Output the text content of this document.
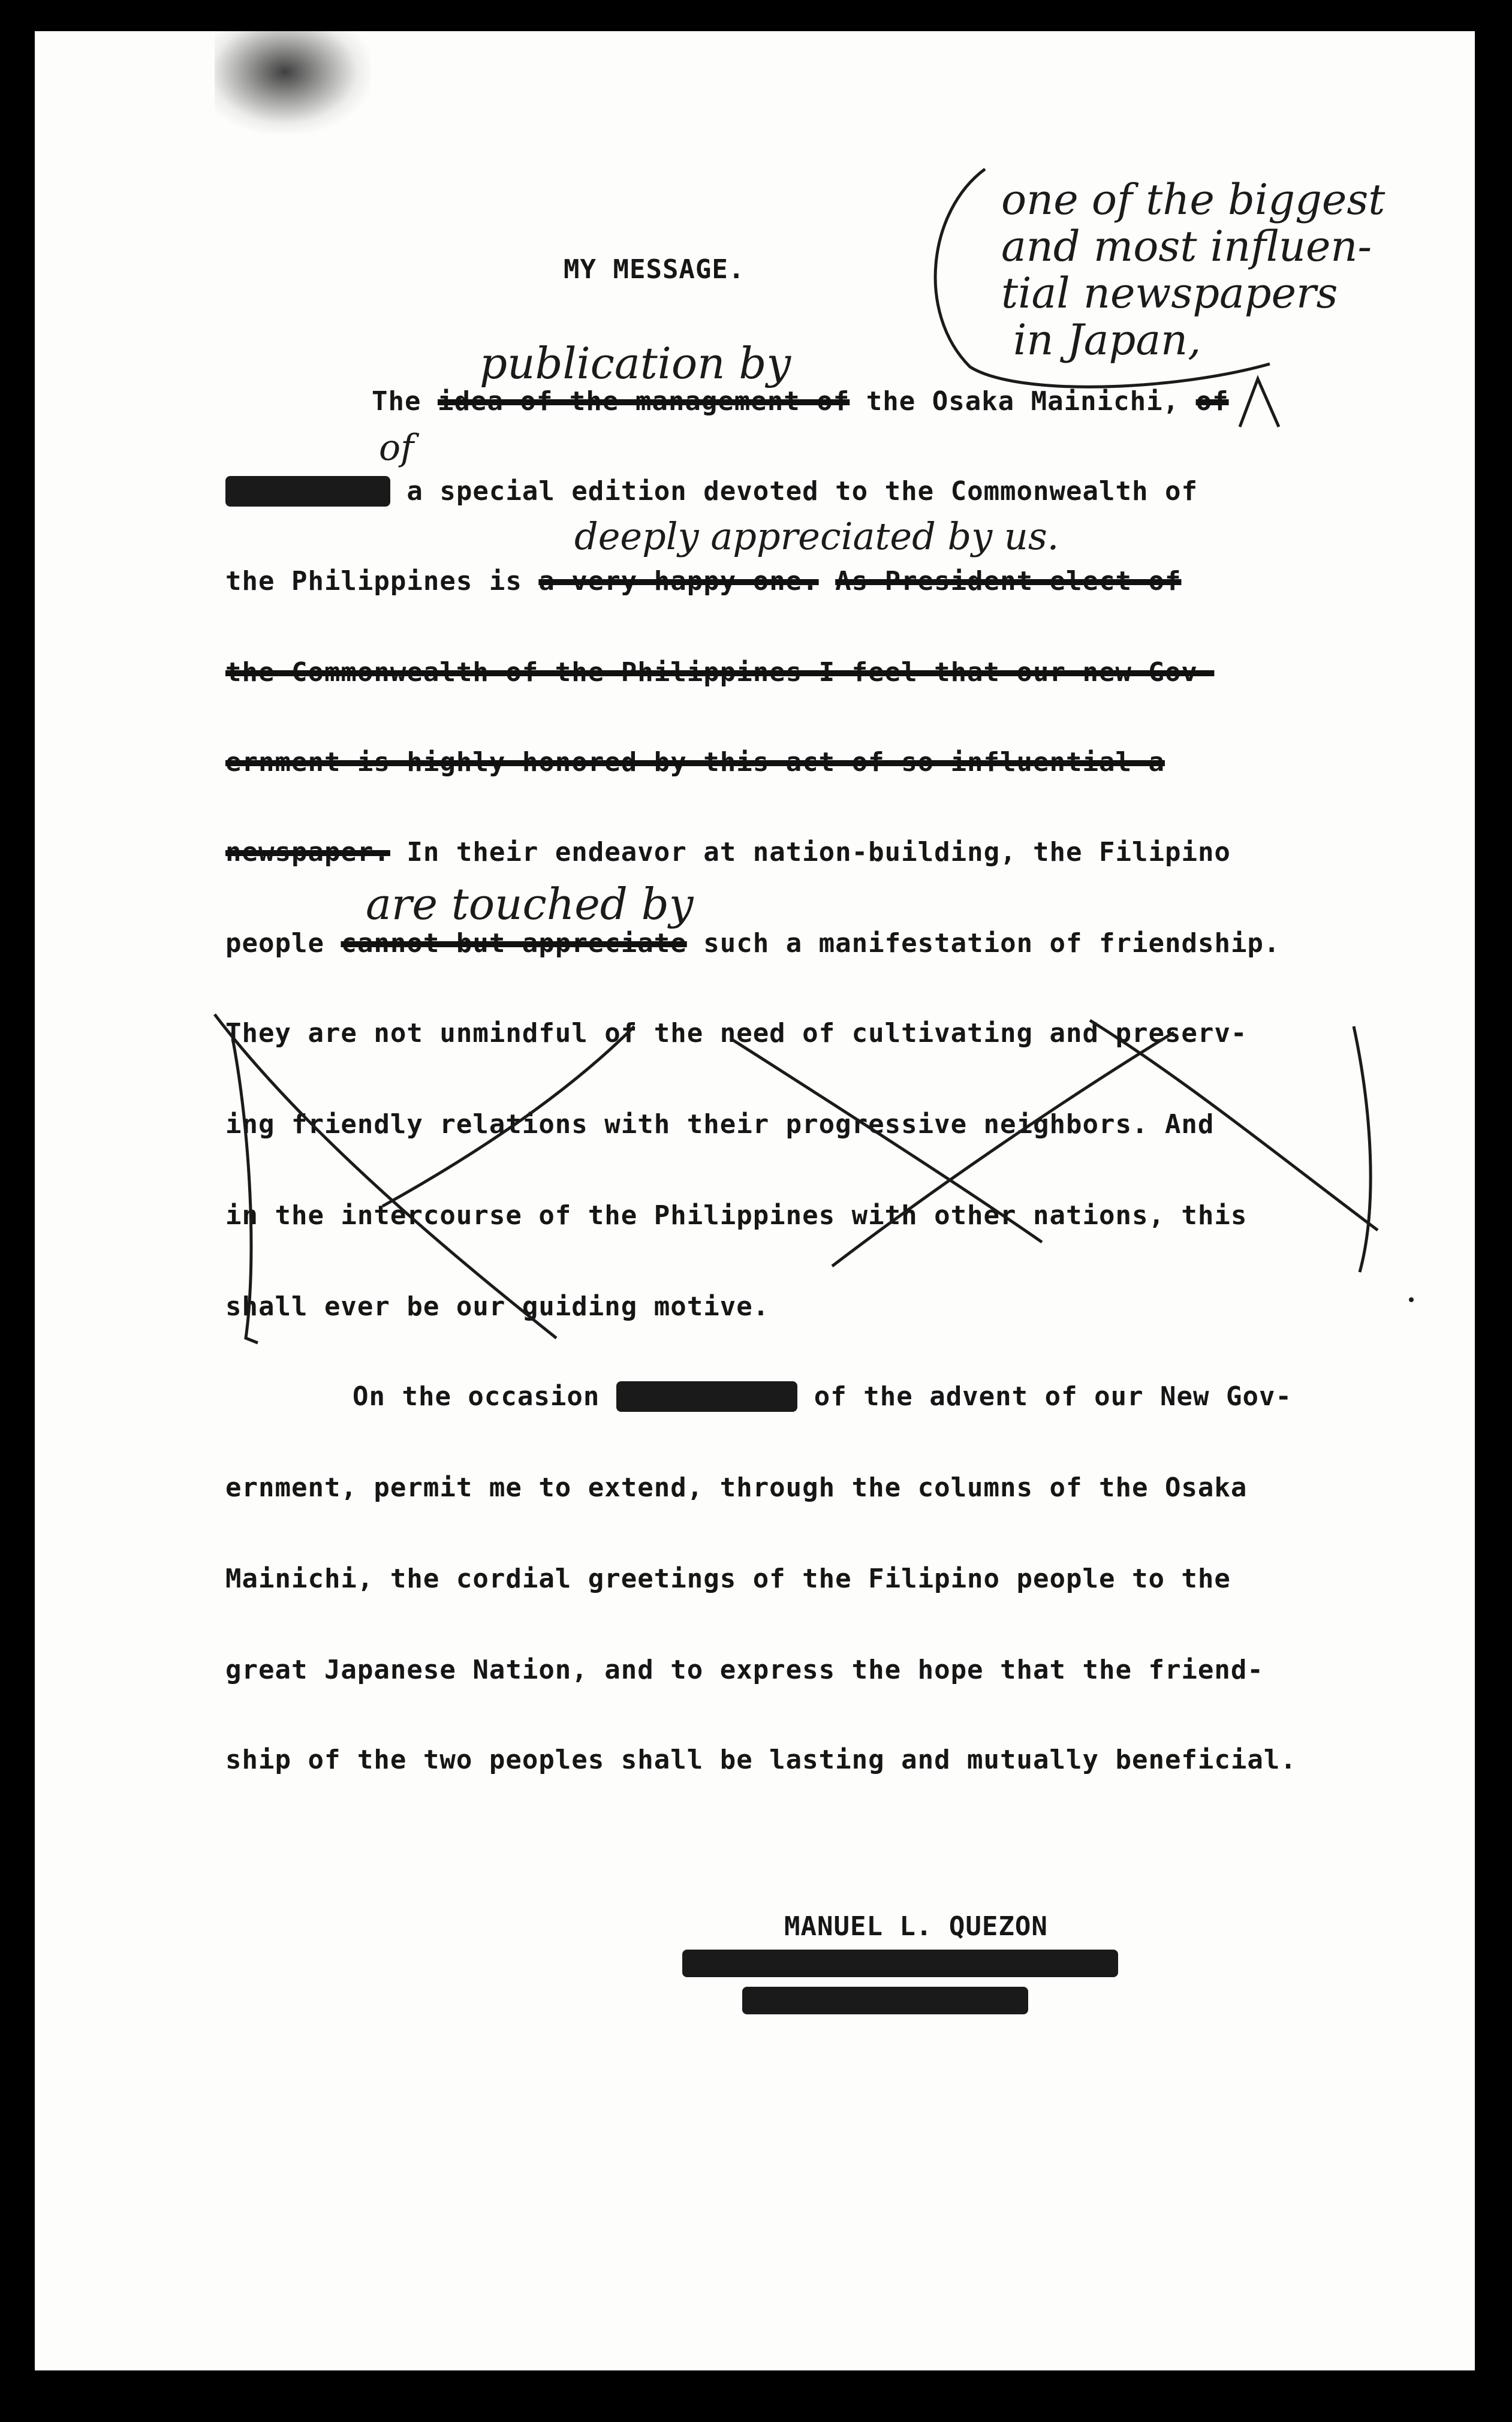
MY MESSAGE.
one of the biggest
and most influen-
tial newspapers
in Japan,
publication by
of
deeply appreciated by us.
are touched by
The idea of the management of the Osaka Mainichi, of
publishing a special edition devoted to the Commonwealth of
the Philippines is a very happy one. As President-elect of
the Commonwealth of the Philippines I feel that our new Gov-
ernment is highly honored by this act of so influential a
newspaper. In their endeavor at nation-building, the Filipino
people cannot but appreciate such a manifestation of friendship.
They are not unmindful of the need of cultivating and preserv-
ing friendly relations with their progressive neighbors. And
in the intercourse of the Philippines with other nations, this
shall ever be our guiding motive.
On the occasion celebration of the advent of our New Gov-
ernment, permit me to extend, through the columns of the Osaka
Mainichi, the cordial greetings of the Filipino people to the
great Japanese Nation, and to express the hope that the friend-
ship of the two peoples shall be lasting and mutually beneficial.
MANUEL L. QUEZON
President-elect, Commonwealth
of the Philippines.
